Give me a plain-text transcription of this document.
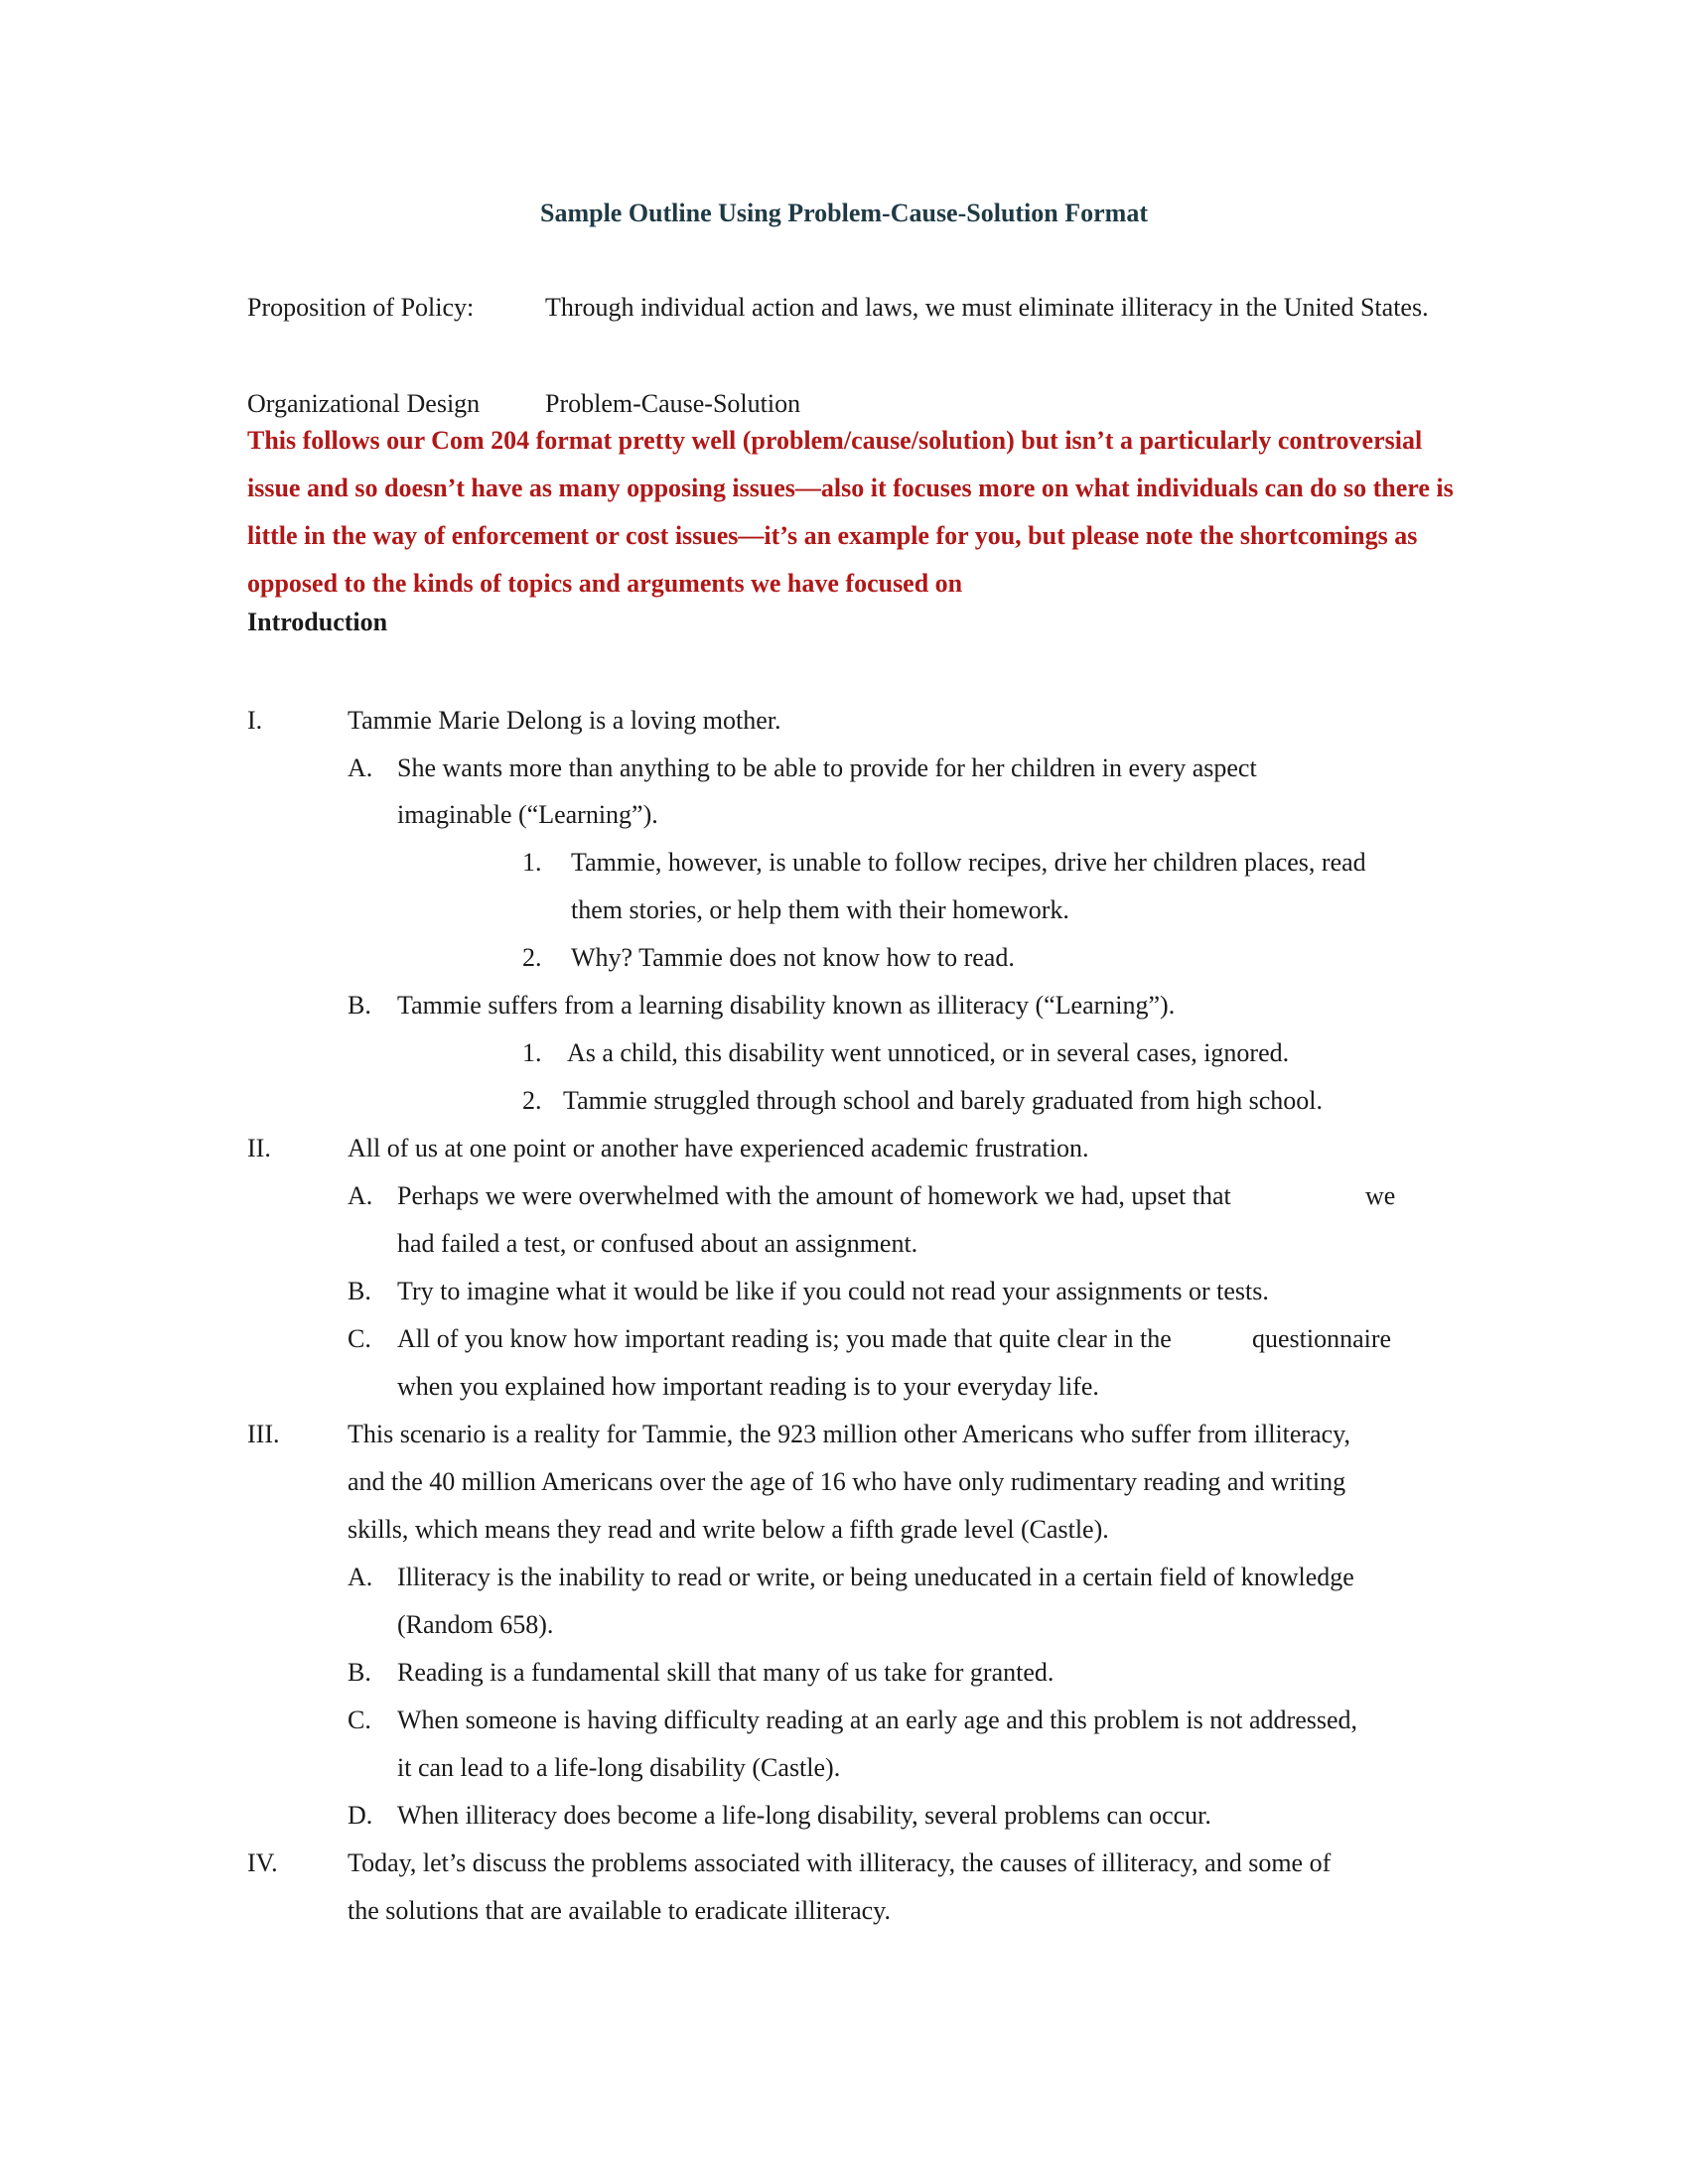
Sample Outline Using Problem-Cause-Solution Format
Proposition of Policy:	Through individual action and laws, we must eliminate illiteracy in the United States.
Organizational Design	Problem-Cause-Solution
This follows our Com 204 format pretty well (problem/cause/solution) but isn’t a particularly controversial issue and so doesn’t have as many opposing issues—also it focuses more on what individuals can do so there is little in the way of enforcement or cost issues—it’s an example for you, but please note the shortcomings as opposed to the kinds of topics and arguments we have focused on
Introduction
I.	Tammie Marie Delong is a loving mother.
A. She wants more than anything to be able to provide for her children in every aspect
imaginable (“Learning”).
1. Tammie, however, is unable to follow recipes, drive her children places, read
them stories, or help them with their homework.
2. Why? Tammie does not know how to read.
B. Tammie suffers from a learning disability known as illiteracy (“Learning”).
1. As a child, this disability went unnoticed, or in several cases, ignored.
2. Tammie struggled through school and barely graduated from high school.
II.	All of us at one point or another have experienced academic frustration.
A. Perhaps we were overwhelmed with the amount of homework we had, upset that	we
had failed a test, or confused about an assignment.
B. Try to imagine what it would be like if you could not read your assignments or tests.
C. All of you know how important reading is; you made that quite clear in the	questionnaire
when you explained how important reading is to your everyday life.
III.	This scenario is a reality for Tammie, the 923 million other Americans who suffer from illiteracy,
and the 40 million Americans over the age of 16 who have only rudimentary reading and writing
skills, which means they read and write below a fifth grade level (Castle).
A. Illiteracy is the inability to read or write, or being uneducated in a certain field of knowledge
(Random 658).
B. Reading is a fundamental skill that many of us take for granted.
C. When someone is having difficulty reading at an early age and this problem is not addressed,
it can lead to a life-long disability (Castle).
D. When illiteracy does become a life-long disability, several problems can occur.
IV.	Today, let’s discuss the problems associated with illiteracy, the causes of illiteracy, and some of
the solutions that are available to eradicate illiteracy.
